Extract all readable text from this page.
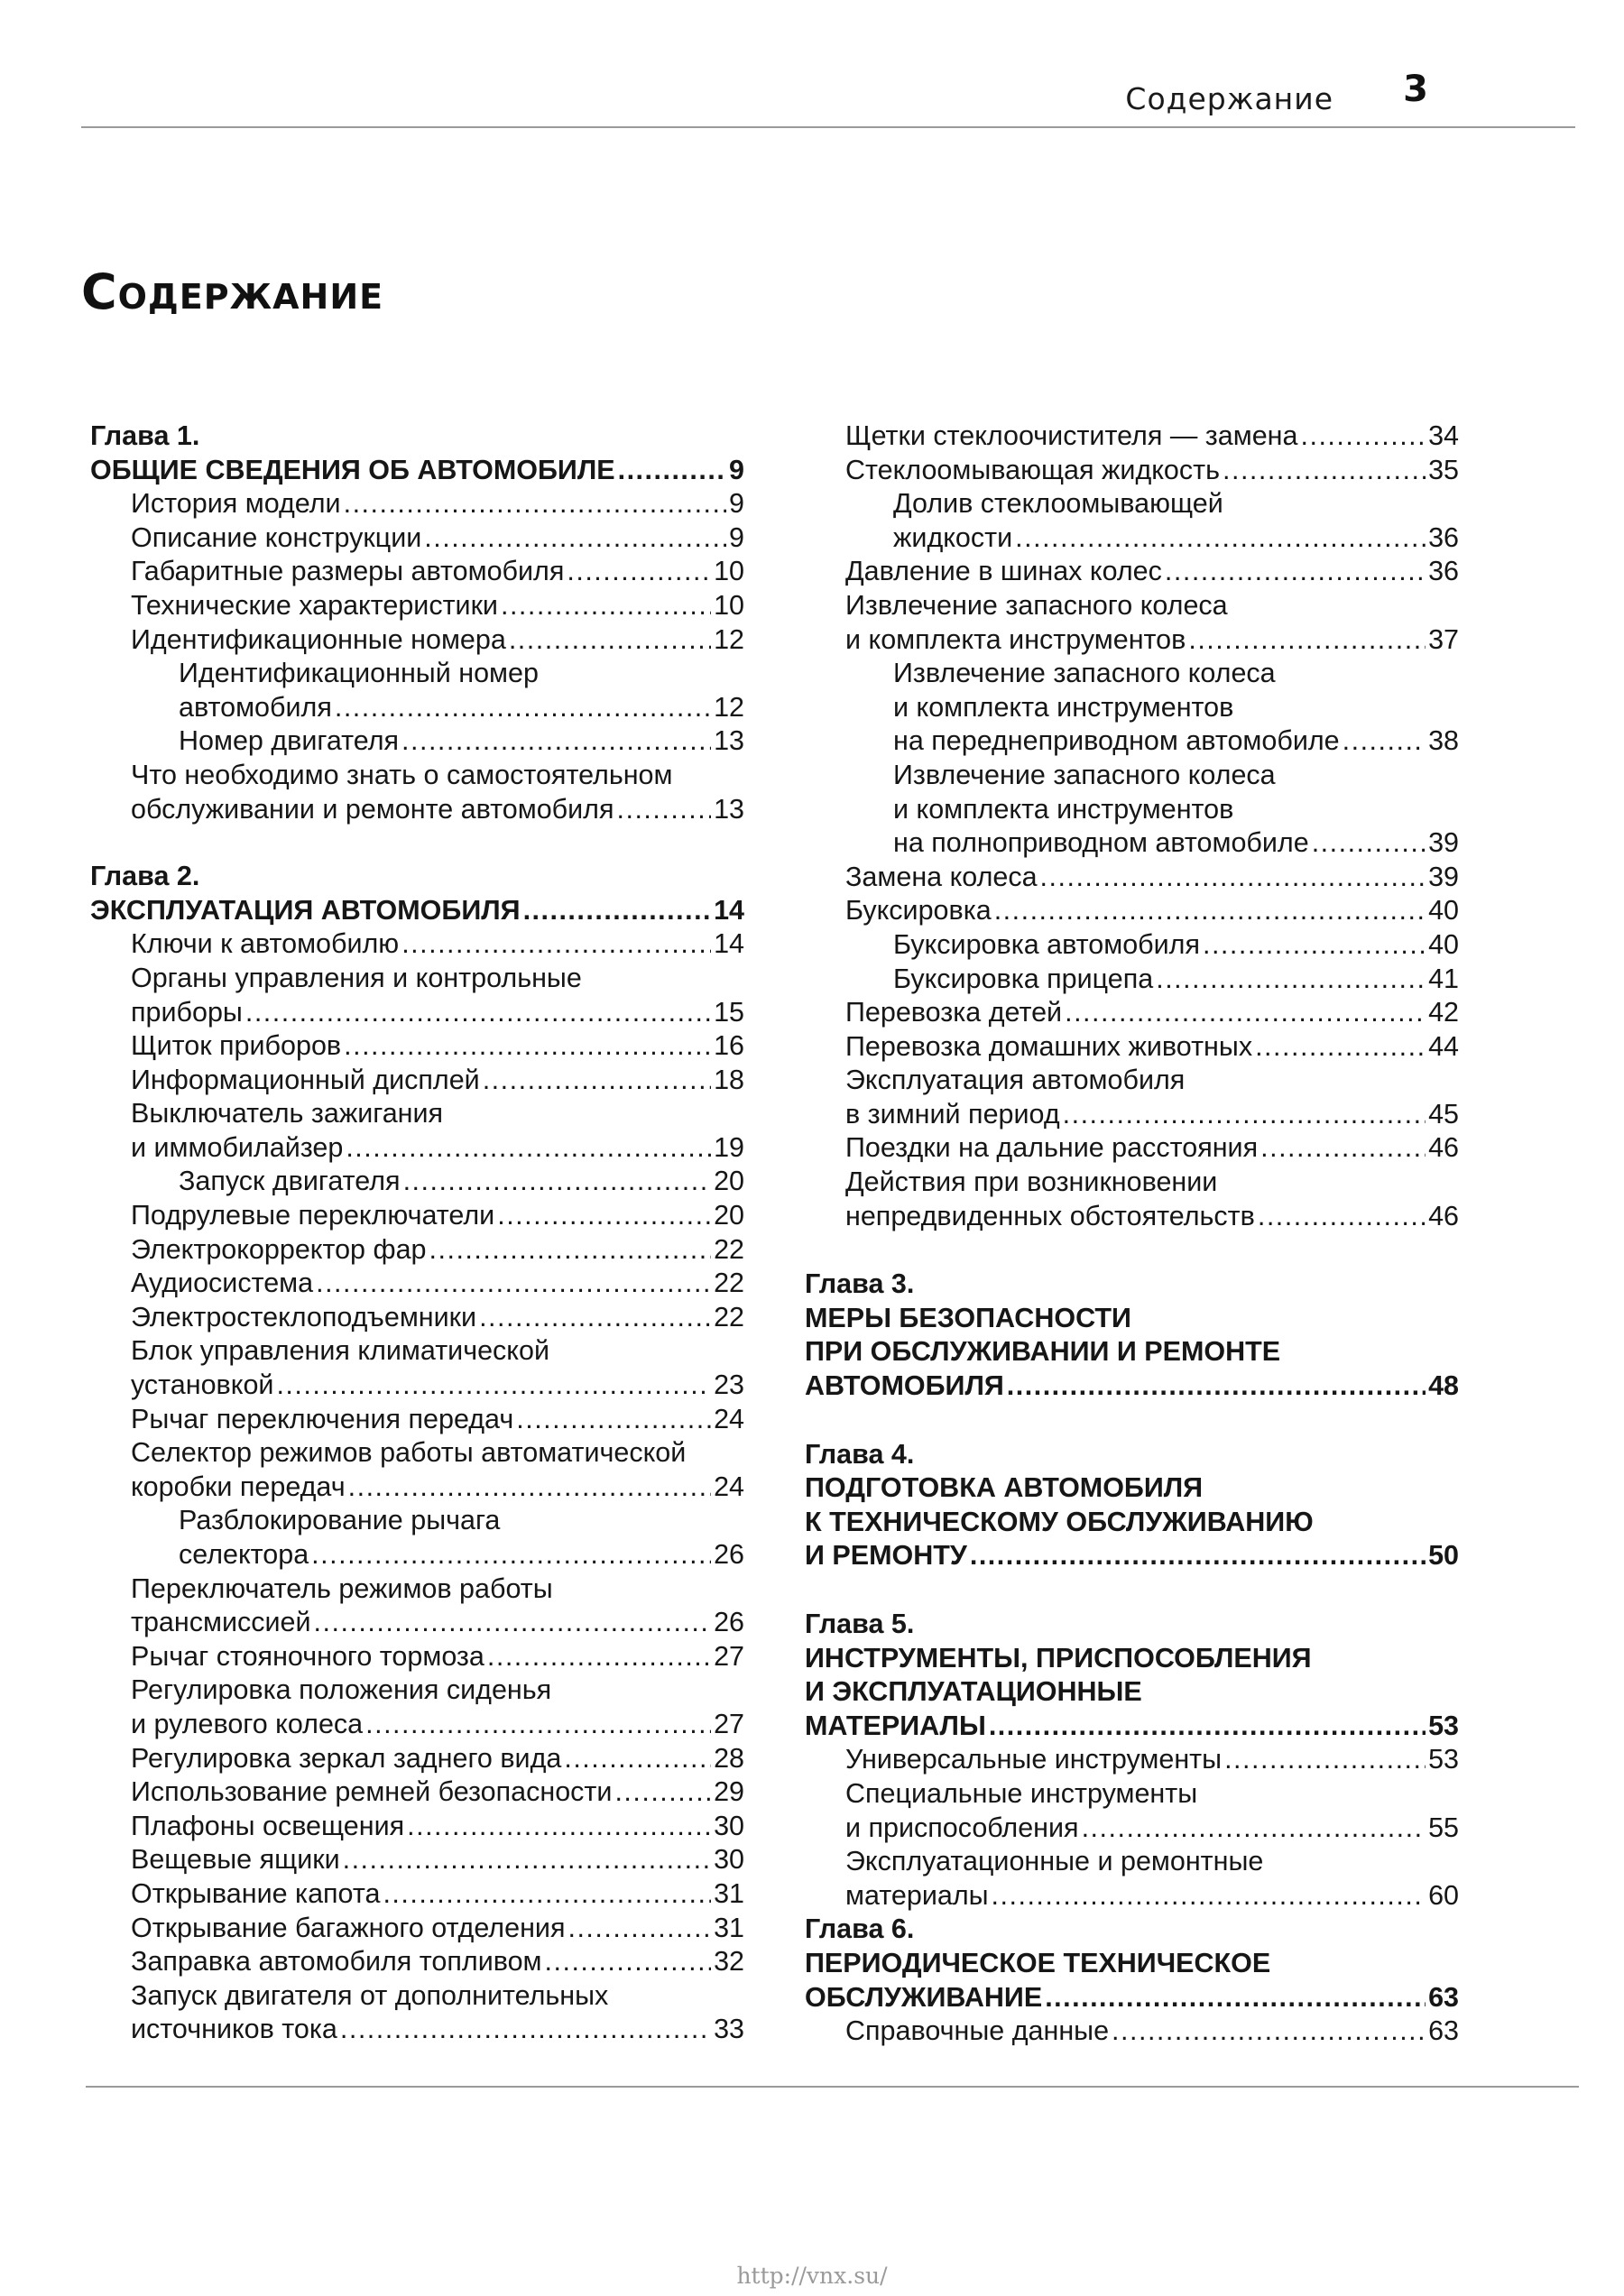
Содержание 3
Содержание
Глава 1.
ОБЩИЕ СВЕДЕНИЯ ОБ АВТОМОБИЛЕ .....	9
История модели .....	9
Описание конструкции .....	9
Габаритные размеры автомобиля .....	10
Технические характеристики .....	10
Идентификационные номера .....	12
Идентификационный номер
автомобиля .....	12
Номер двигателя .....	13
Что необходимо знать о самостоятельном
обслуживании и ремонте автомобиля .....	13
Глава 2.
ЭКСПЛУАТАЦИЯ АВТОМОБИЛЯ .....	14
Ключи к автомобилю .....	14
Органы управления и контрольные
приборы .....	15
Щиток приборов .....	16
Информационный дисплей .....	18
Выключатель зажигания
и иммобилайзер .....	19
Запуск двигателя .....	20
Подрулевые переключатели .....	20
Электрокорректор фар .....	22
Аудиосистема .....	22
Электростеклоподъемники .....	22
Блок управления климатической
установкой .....	23
Рычаг переключения передач .....	24
Селектор режимов работы автоматической
коробки передач .....	24
Разблокирование рычага
селектора .....	26
Переключатель режимов работы
трансмиссией .....	26
Рычаг стояночного тормоза .....	27
Регулировка положения сиденья
и рулевого колеса .....	27
Регулировка зеркал заднего вида .....	28
Использование ремней безопасности .....	29
Плафоны освещения .....	30
Вещевые ящики .....	30
Открывание капота .....	31
Открывание багажного отделения .....	31
Заправка автомобиля топливом .....	32
Запуск двигателя от дополнительных
источников тока .....	33
Щетки стеклоочистителя — замена .....	34
Стеклоомывающая жидкость .....	35
Долив стеклоомывающей
жидкости .....	36
Давление в шинах колес .....	36
Извлечение запасного колеса
и комплекта инструментов .....	37
Извлечение запасного колеса
и комплекта инструментов
на переднеприводном автомобиле .....	38
Извлечение запасного колеса
и комплекта инструментов
на полноприводном автомобиле .....	39
Замена колеса .....	39
Буксировка .....	40
Буксировка автомобиля .....	40
Буксировка прицепа .....	41
Перевозка детей .....	42
Перевозка домашних животных .....	44
Эксплуатация автомобиля
в зимний период .....	45
Поездки на дальние расстояния .....	46
Действия при возникновении
непредвиденных обстоятельств .....	46
Глава 3.
МЕРЫ БЕЗОПАСНОСТИ
ПРИ ОБСЛУЖИВАНИИ И РЕМОНТЕ
АВТОМОБИЛЯ .....	48
Глава 4.
ПОДГОТОВКА АВТОМОБИЛЯ
К ТЕХНИЧЕСКОМУ ОБСЛУЖИВАНИЮ
И РЕМОНТУ .....	50
Глава 5.
ИНСТРУМЕНТЫ, ПРИСПОСОБЛЕНИЯ
И ЭКСПЛУАТАЦИОННЫЕ
МАТЕРИАЛЫ .....	53
Универсальные инструменты .....	53
Специальные инструменты
и приспособления .....	55
Эксплуатационные и ремонтные
материалы .....	60
Глава 6.
ПЕРИОДИЧЕСКОЕ ТЕХНИЧЕСКОЕ
ОБСЛУЖИВАНИЕ .....	63
Справочные данные .....	63
http://vnx.su/
